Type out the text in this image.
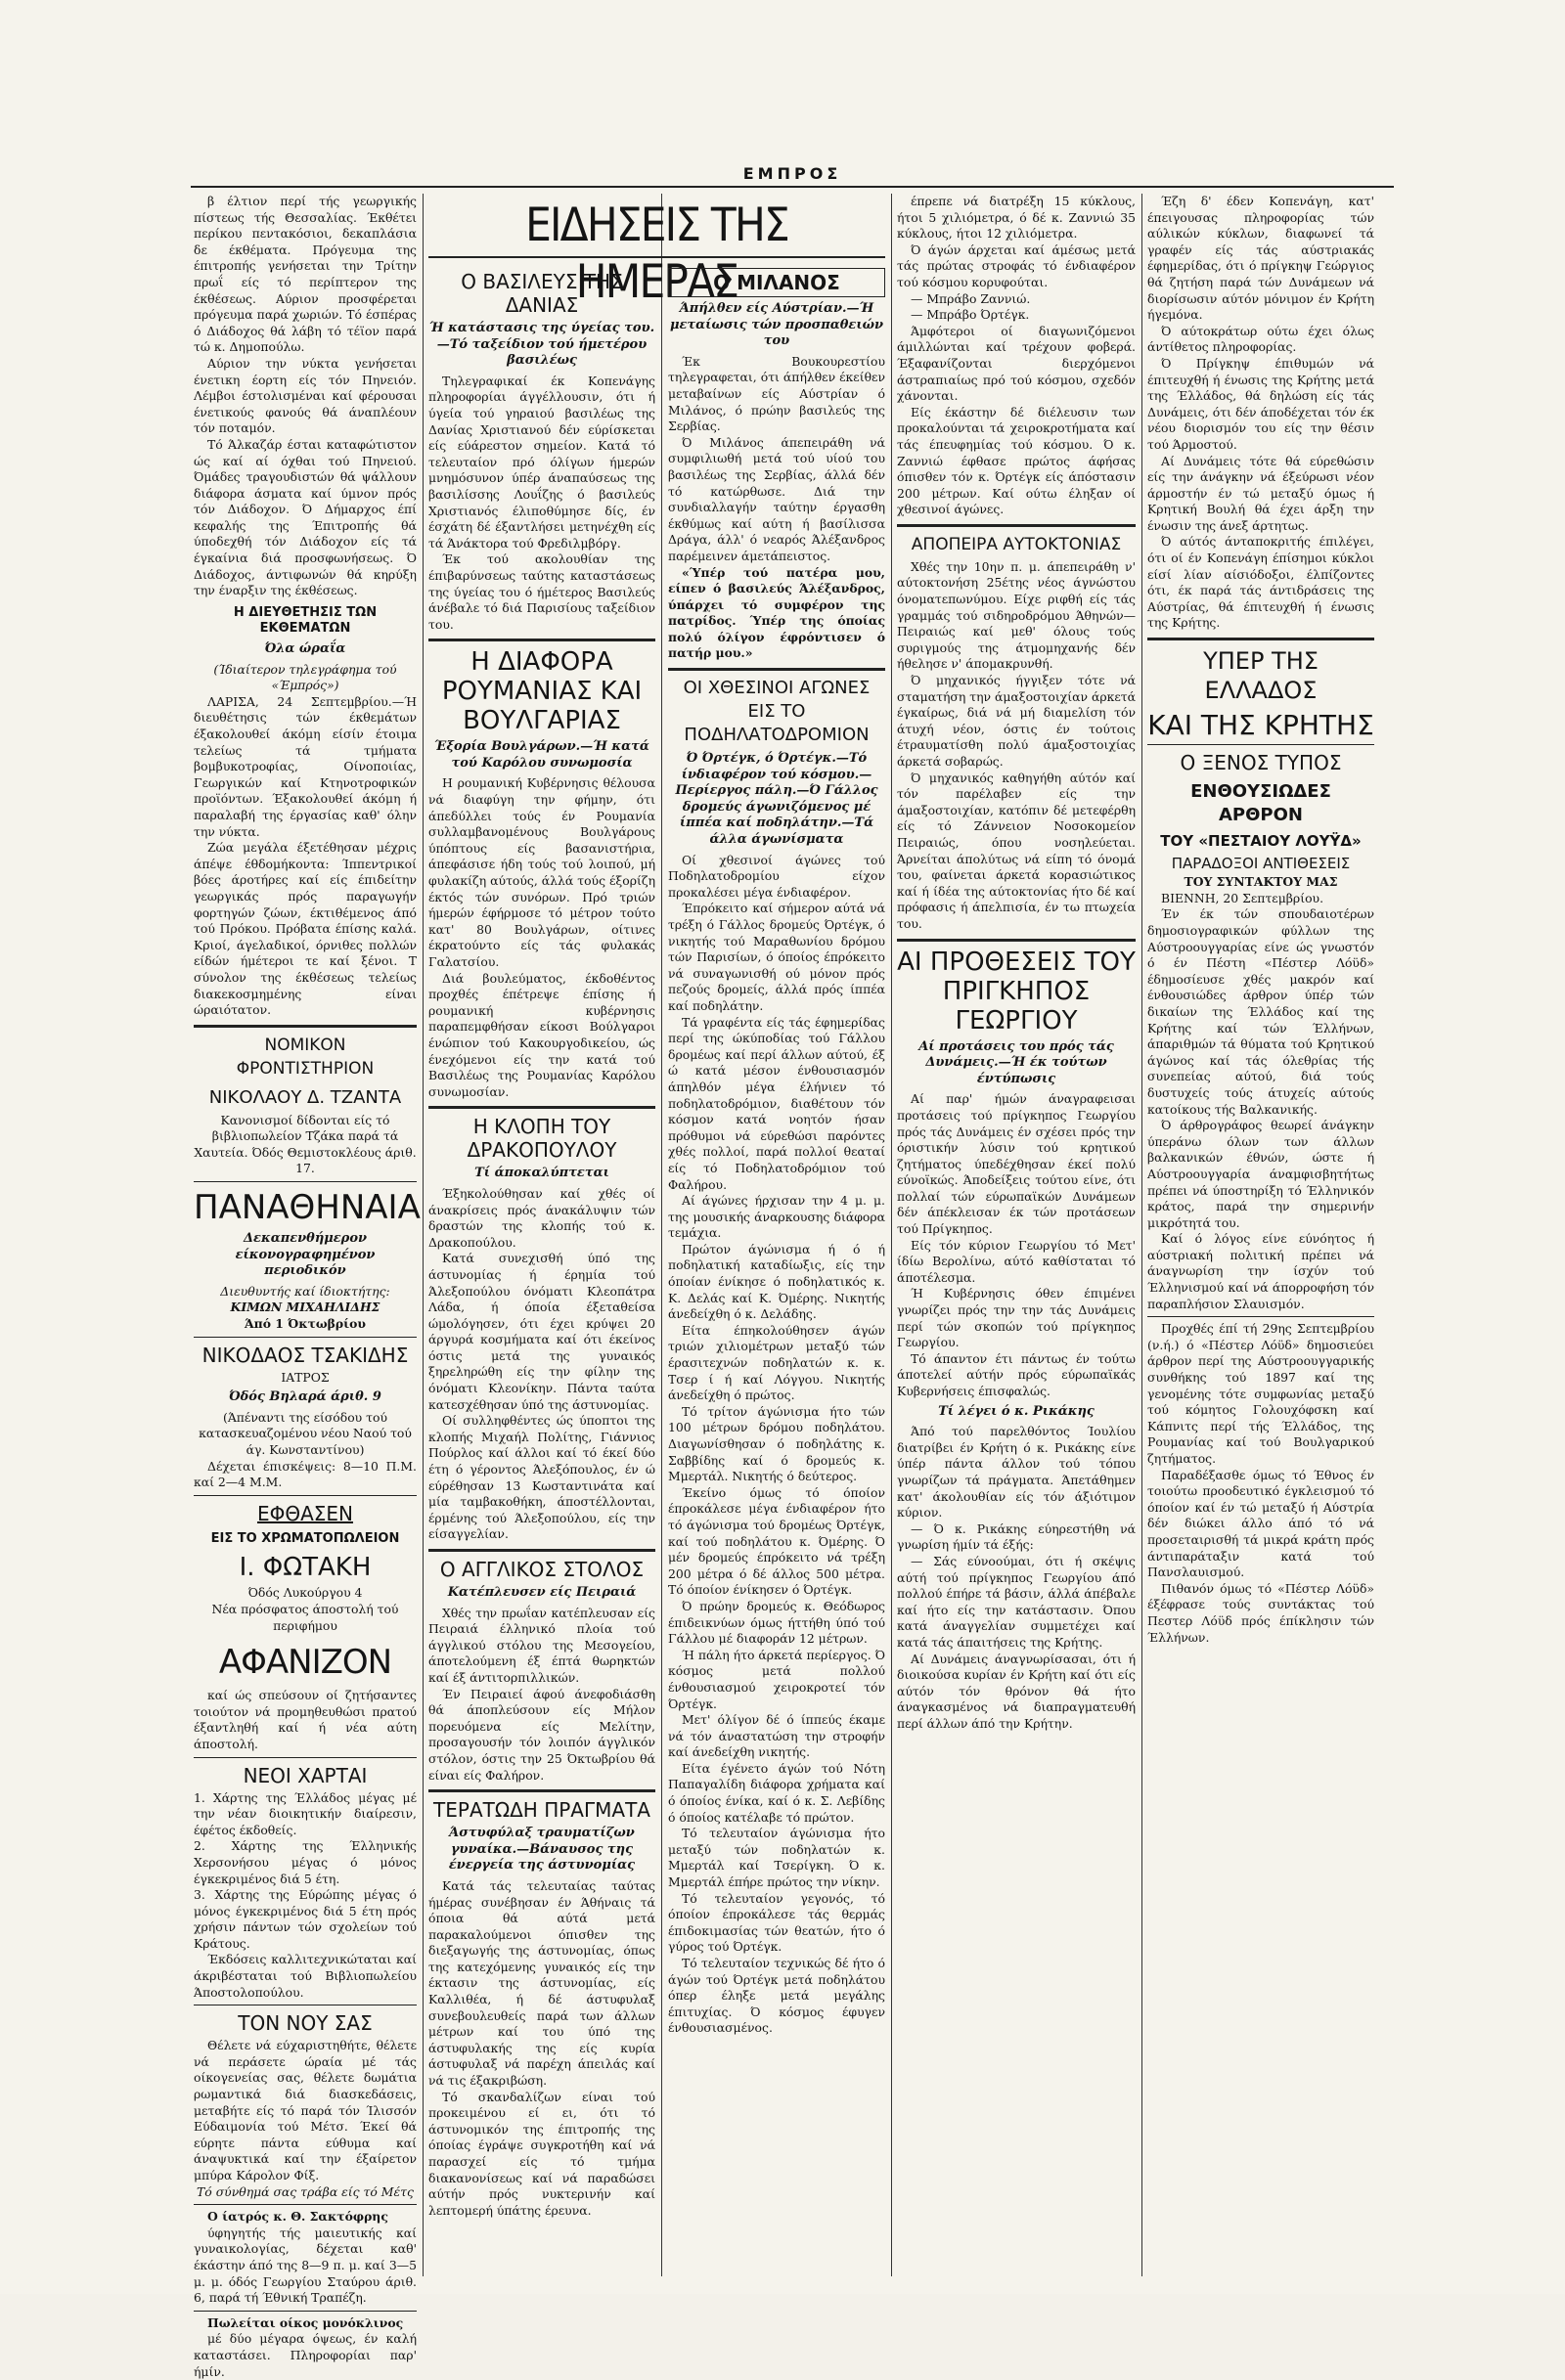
ΕΜΠΡΟΣ

β έλτιον περί τής γεωργικής πίστεως τής Θεσσαλίας. Έκθέτει περίκου πεντακόσιοι, δεκαπλάσια δε έκθέματα. Πρόγευμα της έπιτροπής γενήσεται την Τρίτην πρωΐ είς τό περίπτερον της έκθέσεως. Αύριον προσφέρεται πρόγευμα παρά χωριών. Τό έσπέρας ό Διάδοχος θά λάβη τό τέϊον παρά τώ κ. Δημοπούλω.

Αύριον την νύκτα γενήσεται ένετικη έορτη είς τόν Πηνειόν. Λέμβοι έστολισμέναι καί φέρουσαι ένετικούς φανούς θά άναπλέουν τόν ποταμόν.

Τό Άλκαζάρ έσται καταφώτιστον ώς καί αί όχθαι τού Πηνειού. Όμάδες τραγουδιστών θά ψάλλουν διάφορα άσματα καί ύμνον πρός τόν Διάδοχον. Ό Δήμαρχος έπί κεφαλής της Έπιτροπής θά ύποδεχθή τόν Διάδοχον είς τά έγκαίνια διά προσφωνήσεως. Ό Διάδοχος, άντιφωνών θά κηρύξη την έναρξιν της έκθέσεως.

Η ΔΙΕΥΘΕΤΗΣΙΣ ΤΩΝ ΕΚΘΕΜΑΤΩΝ
Όλα ώραΐα

(Ίδιαίτερον τηλεγράφημα τού «Έμπρός»)

ΛΑΡΙΣΑ, 24 Σεπτεμβρίου.—Ή διευθέτησις τών έκθεμάτων έξακολουθεί άκόμη είσίν έτοιμα τελείως τά τμήματα βομβυκοτροφίας, Οίνοποιίας, Γεωργικών καί Κτηνοτροφικών προϊόντων. Έξακολουθεί άκόμη ή παραλαβή της έργασίας καθ' όλην την νύκτα.

Ζώα μεγάλα έξετέθησαν μέχρις άπέψε έθδομήκοντα: Ίππεντρικοί βόες άροτήρες καί είς έπιδείτην γεωργικάς πρός παραγωγήν φορτηγών ζώων, έκτιθέμενος άπό τού Πρόκου. Πρόβατα έπίσης καλά. Κριοί, άγελαδικοί, όρνιθες πολλών είδών ήμέτεροι τε καί ξένοι. Τ σύνολον της έκθέσεως τελείως διακεκοσμημένης είναι ώραιότατον.

ΝΟΜΙΚΟΝ ΦΡΟΝΤΙΣΤΗΡΙΟΝ
ΝΙΚΟΛΑΟΥ Δ. ΤΖΑΝΤΑ

Κανονισμοί δίδονται είς τό βιβλιοπωλείον Τζάκα παρά τά Χαυτεία. Όδός Θεμιστοκλέους άριθ. 17.

ΠΑΝΑΘΗΝΑΙΑ
Δεκαπενθήμερον είκονογραφημένον περιοδικόν

Διευθυντής καί ίδιοκτήτης:

ΚΙΜΩΝ ΜΙΧΑΗΛΙΔΗΣ

Άπό 1 Όκτωβρίου

ΝΙΚΟΔΑΟΣ ΤΣΑΚΙΔΗΣ

ΙΑΤΡΟΣ

Όδός Βηλαρά άριθ. 9

(Άπέναντι της είσόδου τού κατασκευαζομένου νέου Ναού τού άγ. Κωνσταντίνου)

Δέχεται έπισκέψεις: 8—10 Π.Μ. καί 2—4 Μ.Μ.

ΕΦΘΑΣΕΝ
ΕΙΣ ΤΟ ΧΡΩΜΑΤΟΠΩΛΕΙΟΝ
Ι. ΦΩΤΑΚΗ

Όδός Λυκούργου 4

Νέα πρόσφατος άποστολή τού περιφήμου

ΑΦΑΝΙΖΟΝ

καί ώς σπεύσουν οί ζητήσαντες τοιούτον νά προμηθευθώσι πρατού έξαντληθή καί ή νέα αύτη άποστολή.

ΝΕΟΙ ΧΑΡΤΑΙ

1. Χάρτης της Έλλάδος μέγας μέ την νέαν διοικητικήν διαίρεσιν, έφέτος έκδοθείς.

2. Χάρτης της Έλληνικής Χερσονήσου μέγας ό μόνος έγκεκριμένος διά 5 έτη.

3. Χάρτης της Εύρώπης μέγας ό μόνος έγκεκριμένος διά 5 έτη πρός χρήσιν πάντων τών σχολείων τού Κράτους.

Έκδόσεις καλλιτεχνικώταται καί άκριβέσταται τού Βιβλιοπωλείου Άποστολοπούλου.

ΤΟΝ ΝΟΥ ΣΑΣ

Θέλετε νά εύχαριστηθήτε, θέλετε νά περάσετε ώραία μέ τάς οίκογενείας σας, θέλετε δωμάτια ρωμαντικά διά διασκεδάσεις, μεταβήτε είς τό παρά τόν Ίλισσόν Εύδαιμονία τού Μέτσ. Έκεί θά εύρητε πάντα εύθυμα καί άναψυκτικά καί την έξαίρετον μπύρα Κάρολον Φίξ.

Τό σύνθημά σας τράβα είς τό Μέτς

Ο ίατρός κ. Θ. Σακτόφρης

ύφηγητής τής μαιευτικής καί γυναικολογίας, δέχεται καθ' έκάστην άπό της 8—9 π. μ. καί 3—5 μ. μ. όδός Γεωργίου Σταύρου άριθ. 6, παρά τή Έθνική Τραπέζη.

Πωλείται οίκος μονόκλινος

μέ δύο μέγαρα όψεως, έν καλή καταστάσει. Πληροφορίαι παρ' ήμίν.

ΕΙΔΗΣΕΙΣ ΤΗΣ ΗΜΕΡΑΣ
Ο ΒΑΣΙΛΕΥΣ ΤΗΣ ΔΑΝΙΑΣ
Ή κατάστασις της ύγείας του. —Τό ταξείδιον τού ήμετέρου βασιλέως

Τηλεγραφικαί έκ Κοπενάγης πληροφορίαι άγγέλλουσιν, ότι ή ύγεία τού γηραιού βασιλέως της Δανίας Χριστιανού δέν εύρίσκεται είς εύάρεστον σημείον. Κατά τό τελευταίον πρό όλίγων ήμερών μνημόσυνον ύπέρ άναπαύσεως της βασιλίσσης Λουΐζης ό βασιλεύς Χριστιανός έλιποθύμησε δίς, έν έσχάτη δέ έξαντλήσει μετηνέχθη είς τά Άνάκτορα τού Φρεδιλμβόργ.

Έκ τού ακολουθίαν της έπιβαρύνσεως ταύτης καταστάσεως της ύγείας του ό ήμέτερος Βασιλεύς άνέβαλε τό διά Παρισίους ταξείδιον του.

Η ΔΙΑΦΟΡΑ ΡΟΥΜΑΝΙΑΣ ΚΑΙ ΒΟΥΛΓΑΡΙΑΣ
Έξορία Βουλγάρων.—Ή κατά τού Καρόλου συνωμοσία

Η ρουμανική Κυβέρνησις θέλουσα νά διαφύγη την φήμην, ότι άπεδύλλει τούς έν Ρουμανία συλλαμβανομένους Βουλγάρους ύπόπτους είς βασανιστήρια, άπεφάσισε ήδη τούς τού λοιπού, μή φυλακίζη αύτούς, άλλά τούς έξορίζη έκτός τών συνόρων. Πρό τριών ήμερών έφήρμοσε τό μέτρον τούτο κατ' 80 Βουλγάρων, οίτινες έκρατούντο είς τάς φυλακάς Γαλατσίου.

Διά βουλεύματος, έκδοθέντος προχθές έπέτρεψε έπίσης ή ρουμανική κυβέρνησις παραπεμφθήσαν είκοσι Βούλγαροι ένώπιον τού Κακουργοδικείου, ώς ένεχόμενοι είς την κατά τού Βασιλέως της Ρουμανίας Καρόλου συνωμοσίαν.

Η ΚΛΟΠΗ ΤΟΥ ΔΡΑΚΟΠΟΥΛΟΥ
Τί άποκαλύπτεται

Έξηκολούθησαν καί χθές οί άνακρίσεις πρός άνακάλυψιν τών δραστών της κλοπής τού κ. Δρακοπούλου.

Κατά συνεχισθή ύπό της άστυνομίας ή έρημία τού Άλεξοπούλου όνόματι Κλεοπάτρα Λάδα, ή όποία έξεταθείσα ώμολόγησεν, ότι έχει κρύψει 20 άργυρά κοσμήματα καί ότι έκείνος όστις μετά της γυναικός ξηρεληρώθη είς την φίλην της όνόματι Κλεονίκην. Πάντα ταύτα κατεσχέθησαν ύπό της άστυνομίας.

Οί συλληφθέντες ώς ύποπτοι της κλοπής Μιχαήλ Πολίτης, Γιάννιος Πούρλος καί άλλοι καί τό έκεί δύο έτη ό γέροντος Άλεξόπουλος, έν ώ εύρέθησαν 13 Κωσταντινάτα καί μία ταμβακοθήκη, άποστέλλονται, έρμένης τού Άλεξοπούλου, είς την είσαγγελίαν.

Ο ΑΓΓΛΙΚΟΣ ΣΤΟΛΟΣ
Κατέπλευσεν είς Πειραιά

Χθές την πρωΐαν κατέπλευσαν είς Πειραιά έλληνικό πλοία τού άγγλικού στόλου της Μεσογείου, άποτελούμενη έξ έπτά θωρηκτών καί έξ άντιτορπιλλικών.

Έν Πειραιεί άφού άνεφοδιάσθη θά άποπλεύσουν είς Μήλον πορευόμενα είς Μελίτην, προσαγουσήν τόν λοιπόν άγγλικόν στόλον, όστις την 25 Όκτωβρίου θά είναι είς Φαλήρον.

ΤΕΡΑΤΩΔΗ ΠΡΑΓΜΑΤΑ
Άστυφύλαξ τραυματίζων γυναίκα.—Βάναυσος της ένεργεία της άστυνομίας

Κατά τάς τελευταίας ταύτας ήμέρας συνέβησαν έν Άθήναις τά όποια θά αύτά μετά παρακαλούμενοι όπισθεν της διεξαγωγής της άστυνομίας, όπως της κατεχόμενης γυναικός είς την έκτασιν της άστυνομίας, είς Καλλιθέα, ή δέ άστυφυλαξ συνεβουλευθείς παρά των άλλων μέτρων καί του ύπό της άστυφυλακής της είς κυρία άστυφυλαξ νά παρέχη άπειλάς καί νά τις έξακριβώση.

Τό σκανδαλίζων είναι τού προκειμένου εί ει, ότι τό άστυνομικόν της έπιτροπής της όποίας έγράψε συγκροτήθη καί νά παρασχεί είς τό τμήμα διακανονίσεως καί νά παραδώσει αύτήν πρός νυκτερινήν καί λεπτομερή ύπάτης έρευνα.

Ο ΜΙΛΑΝΟΣ
Άπήλθεν είς Αύστρίαν.—Ή μεταίωσις τών προσπαθειών του

Έκ Βουκουρεστίου τηλεγραφεται, ότι άπήλθεν έκείθεν μεταβαίνων είς Αύστρίαν ό Μιλάνος, ό πρώην βασιλεύς της Σερβίας.

Ό Μιλάνος άπεπειράθη νά συμφιλιωθή μετά τού υίού του βασιλέως της Σερβίας, άλλά δέν τό κατώρθωσε. Διά την συνδιαλλαγήν ταύτην έργασθη έκθύμως καί αύτη ή βασίλισσα Δράγα, άλλ' ό νεαρός Άλέξανδρος παρέμεινεν άμετάπειστος.

«Ύπέρ τού πατέρα μου, είπεν ό βασιλεύς Άλέξανδρος, ύπάρχει τό συμφέρον της πατρίδος. Ύπέρ της όποίας πολύ όλίγον έφρόντισεν ό πατήρ μου.»

ΟΙ ΧΘΕΣΙΝΟΙ ΑΓΩΝΕΣ ΕΙΣ ΤΟ ΠΟΔΗΛΑΤΟΔΡΟΜΙΟΝ
Ό Όρτέγκ, ό Όρτέγκ.—Τό ίνδιαφέρον τού κόσμου.—Περίεργος πάλη.—Ό Γάλλος δρομεύς άγωνιζόμενος μέ ίππέα καί ποδηλάτην.—Τά άλλα άγωνίσματα

Οί χθεσινοί άγώνες τού Ποδηλατοδρομίου είχον προκαλέσει μέγα ένδιαφέρον.

Έπρόκειτο καί σήμερον αύτά νά τρέξη ό Γάλλος δρομεύς Όρτέγκ, ό νικητής τού Μαραθωνίου δρόμου τών Παρισίων, ό όποίος έπρόκειτο νά συναγωνισθή ού μόνον πρός πεζούς δρομείς, άλλά πρός ίππέα καί ποδηλάτην.

Τά γραφέντα είς τάς έφημερίδας περί της ώκύποδίας τού Γάλλου δρομέως καί περί άλλων αύτού, έξ ώ κατά μέσον ένθουσιασμόν άπηλθόν μέγα έλήνιεν τό ποδηλατοδρόμιον, διαθέτουν τόν κόσμον κατά νοητόν ήσαν πρόθυμοι νά εύρεθώσι παρόντες χθές πολλοί, παρά πολλοί θεαταί είς τό Ποδηλατοδρόμιον τού Φαλήρου.

Αί άγώνες ήρχισαν την 4 μ. μ. της μουσικής άναρκουσης διάφορα τεμάχια.

Πρώτον άγώνισμα ή ό ή ποδηλατική καταδίωξις, είς την όποίαν ένίκησε ό ποδηλατικός κ. Κ. Δελάς καί Κ. Όμέρης. Νικητής άνεδείχθη ό κ. Δελάδης.

Είτα έπηκολούθησεν άγών τριών χιλιομέτρων μεταξύ τών έρασιτεχνών ποδηλατών κ. κ. Τσερ ί ή καί Λόγγου. Νικητής άνεδείχθη ό πρώτος.

Τό τρίτον άγώνισμα ήτο τών 100 μέτρων δρόμου ποδηλάτου. Διαγωνίσθησαν ό ποδηλάτης κ. Σαββίδης καί ό δρομεύς κ. Μμερτάλ. Νικητής ό δεύτερος.

Έκείνο όμως τό όποίον έπροκάλεσε μέγα ένδιαφέρον ήτο τό άγώνισμα τού δρομέως Όρτέγκ, καί τού ποδηλάτου κ. Όμέρης. Ό μέν δρομεύς έπρόκειτο νά τρέξη 200 μέτρα ό δέ άλλος 500 μέτρα. Τό όποίον ένίκησεν ό Όρτέγκ.

Ό πρώην δρομεύς κ. Θεόδωρος έπιδεικνύων όμως ήττήθη ύπό τού Γάλλου μέ διαφοράν 12 μέτρων.

Ή πάλη ήτο άρκετά περίεργος. Ό κόσμος μετά πολλού ένθουσιασμού χειροκροτεί τόν Όρτέγκ.

Μετ' όλίγον δέ ό ίππεύς έκαμε νά τόν άναστατώση την στροφήν καί άνεδείχθη νικητής.

Είτα έγένετο άγών τού Νότη Παπαγαλίδη διάφορα χρήματα καί ό όποίος ένίκα, καί ό κ. Σ. Λεβίδης ό όποίος κατέλαβε τό πρώτον.

Τό τελευταίον άγώνισμα ήτο μεταξύ τών ποδηλατών κ. Μμερτάλ καί Τσερίγκη. Ό κ. Μμερτάλ έπήρε πρώτος την νίκην.

Τό τελευταίον γεγονός, τό όποίον έπροκάλεσε τάς θερμάς έπιδοκιμασίας τών θεατών, ήτο ό γύρος τού Όρτέγκ.

Τό τελευταίον τεχνικώς δέ ήτο ό άγών τού Όρτέγκ μετά ποδηλάτου όπερ έληξε μετά μεγάλης έπιτυχίας. Ό κόσμος έφυγεν ένθουσιασμένος.

έπρεπε νά διατρέξη 15 κύκλους, ήτοι 5 χιλιόμετρα, ό δέ κ. Ζαννιώ 35 κύκλους, ήτοι 12 χιλιόμετρα.

Ό άγών άρχεται καί άμέσως μετά τάς πρώτας στροφάς τό ένδιαφέρον τού κόσμου κορυφούται.

— Μπράβο Ζαννιώ.

— Μπράβο Όρτέγκ.

Άμφότεροι οί διαγωνιζόμενοι άμιλλώνται καί τρέχουν φοβερά. Έξαφανίζονται διερχόμενοι άστραπιαίως πρό τού κόσμου, σχεδόν χάνονται.

Είς έκάστην δέ διέλευσιν των προκαλούνται τά χειροκροτήματα καί τάς έπευφημίας τού κόσμου. Ό κ. Ζαννιώ έφθασε πρώτος άφήσας όπισθεν τόν κ. Όρτέγκ είς άπόστασιν 200 μέτρων. Καί ούτω έληξαν οί χθεσινοί άγώνες.

ΑΠΟΠΕΙΡΑ ΑΥΤΟΚΤΟΝΙΑΣ

Χθές την 10ην π. μ. άπεπειράθη ν' αύτοκτονήση 25έτης νέος άγνώστου όνοματεπωνύμου. Είχε ριφθή είς τάς γραμμάς τού σιδηροδρόμου Άθηνών—Πειραιώς καί μεθ' όλους τούς συριγμούς της άτμομηχανής δέν ήθελησε ν' άπομακρυνθή.

Ό μηχανικός ήγγιξεν τότε νά σταματήση την άμαξοστοιχίαν άρκετά έγκαίρως, διά νά μή διαμελίση τόν άτυχή νέον, όστις έν τούτοις έτραυματίσθη πολύ άμαξοστοιχίας άρκετά σοβαρώς.

Ό μηχανικός καθηγήθη αύτόν καί τόν παρέλαβεν είς την άμαξοστοιχίαν, κατόπιν δέ μετεφέρθη είς τό Ζάννειον Νοσοκομείον Πειραιώς, όπου νοσηλεύεται. Άρνείται άπολύτως νά είπη τό όνομά του, φαίνεται άρκετά κορασιώτικος καί ή ίδέα της αύτοκτονίας ήτο δέ καί πρόφασις ή άπελπισία, έν τω πτωχεία του.

ΑΙ ΠΡΟΘΕΣΕΙΣ ΤΟΥ ΠΡΙΓΚΗΠΟΣ ΓΕΩΡΓΙΟΥ
Αί προτάσεις του πρός τάς Δυνάμεις.—Ή έκ τούτων έντύπωσις

Αί παρ' ήμών άναγραφεισαι προτάσεις τού πρίγκηπος Γεωργίου πρός τάς Δυνάμεις έν σχέσει πρός την όριστικήν λύσιν τού κρητικού ζητήματος ύπεδέχθησαν έκεί πολύ εύνοϊκώς. Άποδείξεις τούτου είνε, ότι πολλαί τών εύρωπαϊκών Δυνάμεων δέν άπέκλεισαν έκ τών προτάσεων τού Πρίγκηπος.

Είς τόν κύριον Γεωργίου τό Μετ' ίδίω Βερολίνω, αύτό καθίσταται τό άποτέλεσμα.

Ή Κυβέρνησις όθεν έπιμένει γνωρίζει πρός την την τάς Δυνάμεις περί τών σκοπών τού πρίγκηπος Γεωργίου.

Τό άπαντον έτι πάντως έν τούτω άποτελεί αύτήν πρός εύρωπαϊκάς Κυβερνήσεις έπισφαλώς.

Τί λέγει ό κ. Ρικάκης

Άπό τού παρελθόντος Ίουλίου διατρίβει έν Κρήτη ό κ. Ρικάκης είνε ύπέρ πάντα άλλον τού τόπου γνωρίζων τά πράγματα. Άπετάθημεν κατ' άκολουθίαν είς τόν άξιότιμον κύριον.

— Ό κ. Ρικάκης εύηρεστήθη νά γνωρίση ήμίν τά έξής:

— Σάς εύνοούμαι, ότι ή σκέψις αύτή τού πρίγκηπος Γεωργίου άπό πολλού έπήρε τά βάσιν, άλλά άπέβαλε καί ήτο είς την κατάστασιν. Όπου κατά άναγγελίαν συμμετέχει καί κατά τάς άπαιτήσεις της Κρήτης.

Αί Δυνάμεις άναγνωρίσασαι, ότι ή διοικούσα κυρίαν έν Κρήτη καί ότι είς αύτόν τόν θρόνον θά ήτο άναγκασμένος νά διαπραγματευθή περί άλλων άπό την Κρήτην.

Έζη δ' έδεν Κοπενάγη, κατ' έπειγουσας πληροφορίας τών αύλικών κύκλων, διαφωνεί τά γραφέν είς τάς αύστριακάς έφημερίδας, ότι ό πρίγκηψ Γεώργιος θά ζητήση παρά τών Δυνάμεων νά διορίσωσιν αύτόν μόνιμον έν Κρήτη ήγεμόνα.

Ό αύτοκράτωρ ούτω έχει όλως άντίθετος πληροφορίας.

Ό Πρίγκηψ έπιθυμών νά έπιτευχθή ή ένωσις της Κρήτης μετά της Έλλάδος, θά δηλώση είς τάς Δυνάμεις, ότι δέν άποδέχεται τόν έκ νέου διορισμόν του είς την θέσιν τού Άρμοστού.

Αί Δυνάμεις τότε θά εύρεθώσιν είς την άνάγκην νά έξεύρωσι νέον άρμοστήν έν τώ μεταξύ όμως ή Κρητική Βουλή θά έχει άρξη την ένωσιν της άνεξ άρτητως.

Ό αύτός άνταποκριτής έπιλέγει, ότι οί έν Κοπενάγη έπίσημοι κύκλοι είσί λίαν αίσιόδοξοι, έλπίζοντες ότι, έκ παρά τάς άντιδράσεις της Αύστρίας, θά έπιτευχθή ή ένωσις της Κρήτης.

ΥΠΕΡ ΤΗΣ ΕΛΛΑΔΟΣ
ΚΑΙ ΤΗΣ ΚΡΗΤΗΣ
Ο ΞΕΝΟΣ ΤΥΠΟΣ
ΕΝΘΟΥΣΙΩΔΕΣ ΑΡΘΡΟΝ
ΤΟΥ «ΠΕΣΤΑΙΟΥ ΛΟΥΫΔ»
ΠΑΡΑΔΟΞΟΙ ΑΝΤΙΘΕΣΕΙΣ

ΤΟΥ ΣΥΝΤΑΚΤΟΥ ΜΑΣ

ΒΙΕΝΝΗ, 20 Σεπτεμβρίου.

Έν έκ τών σπουδαιοτέρων δημοσιογραφικών φύλλων της Αύστροουγγαρίας είνε ώς γνωστόν ό έν Πέστη «Πέστερ Λόϋδ» έδημοσίευσε χθές μακρόν καί ένθουσιώδες άρθρον ύπέρ τών δικαίων της Έλλάδος καί της Κρήτης καί τών Έλλήνων, άπαριθμών τά θύματα τού Κρητικού άγώνος καί τάς όλεθρίας τής συνεπείας αύτού, διά τούς δυστυχείς τούς άτυχείς αύτούς κατοίκους τής Βαλκανικής.

Ό άρθρογράφος θεωρεί άνάγκην ύπεράνω όλων των άλλων βαλκανικών έθνών, ώστε ή Αύστροουγγαρία άναμφισβητήτως πρέπει νά ύποστηρίξη τό Έλληνικόν κράτος, παρά την σημερινήν μικρότητά του.

Καί ό λόγος είνε εύνόητος ή αύστριακή πολιτική πρέπει νά άναγνωρίση την ίσχύν τού Έλληνισμού καί νά άπορροφήση τόν παραπλήσιον Σλαυισμόν.

Προχθές έπί τή 29ης Σεπτεμβρίου (ν.ή.) ό «Πέστερ Λόϋδ» δημοσιεύει άρθρον περί της Αύστροουγγαρικής συνθήκης τού 1897 καί της γενομένης τότε συμφωνίας μεταξύ τού κόμητος Γολουχόφσκη καί Κάπνιτς περί τής Έλλάδος, της Ρουμανίας καί τού Βουλγαρικού ζητήματος.

Παραδέξασθε όμως τό Έθνος έν τοιούτω προοδευτικό έγκλεισμού τό όποίον καί έν τώ μεταξύ ή Αύστρία δέν διώκει άλλο άπό τό νά προσεταιρισθή τά μικρά κράτη πρός άντιπαράταξιν κατά τού Πανσλαυισμού.

Πιθανόν όμως τό «Πέστερ Λόϋδ» έξέφρασε τούς συντάκτας τού Πεστερ Λόϋδ πρός έπίκλησιν τών Έλλήνων.
